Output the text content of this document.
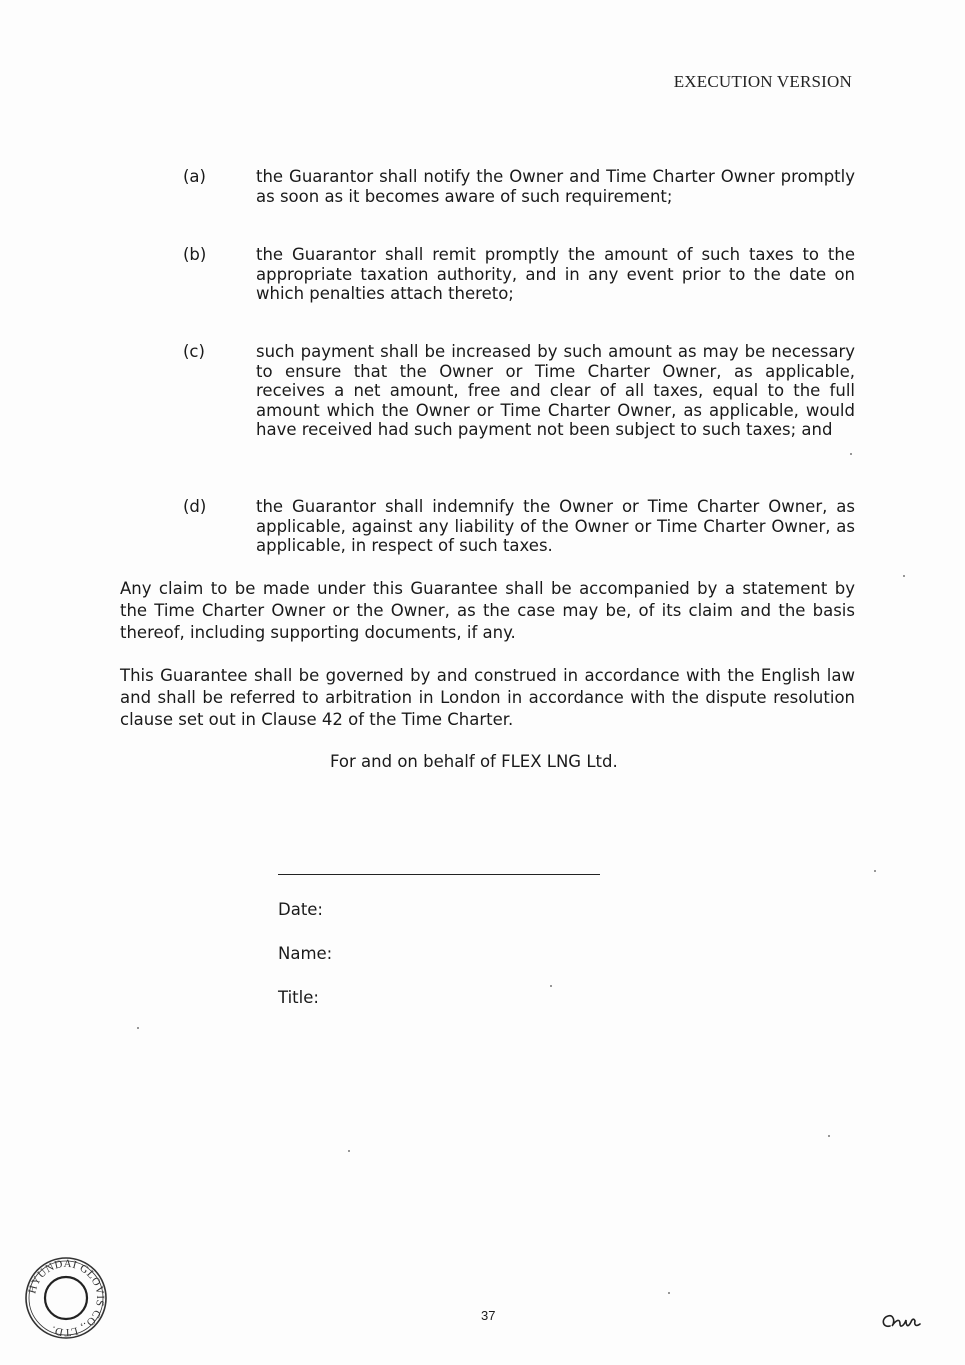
EXECUTION VERSION
(a)	the Guarantor shall notify the Owner and Time Charter Owner promptly as soon as it becomes aware of such requirement;
(b)	the Guarantor shall remit promptly the amount of such taxes to the appropriate taxation authority, and in any event prior to the date on which penalties attach thereto;
(c)	such payment shall be increased by such amount as may be necessary to ensure that the Owner or Time Charter Owner, as applicable, receives a net amount, free and clear of all taxes, equal to the full amount which the Owner or Time Charter Owner, as applicable, would have received had such payment not been subject to such taxes; and
(d)	the Guarantor shall indemnify the Owner or Time Charter Owner, as applicable, against any liability of the Owner or Time Charter Owner, as applicable, in respect of such taxes.
Any claim to be made under this Guarantee shall be accompanied by a statement by the Time Charter Owner or the Owner, as the case may be, of its claim and the basis thereof, including supporting documents, if any.
This Guarantee shall be governed by and construed in accordance with the English law and shall be referred to arbitration in London in accordance with the dispute resolution clause set out in Clause 42 of the Time Charter.
For and on behalf of FLEX LNG Ltd.
Date:
Name:
Title:
HYUNDAI GLOVIS CO., LTD.
37
